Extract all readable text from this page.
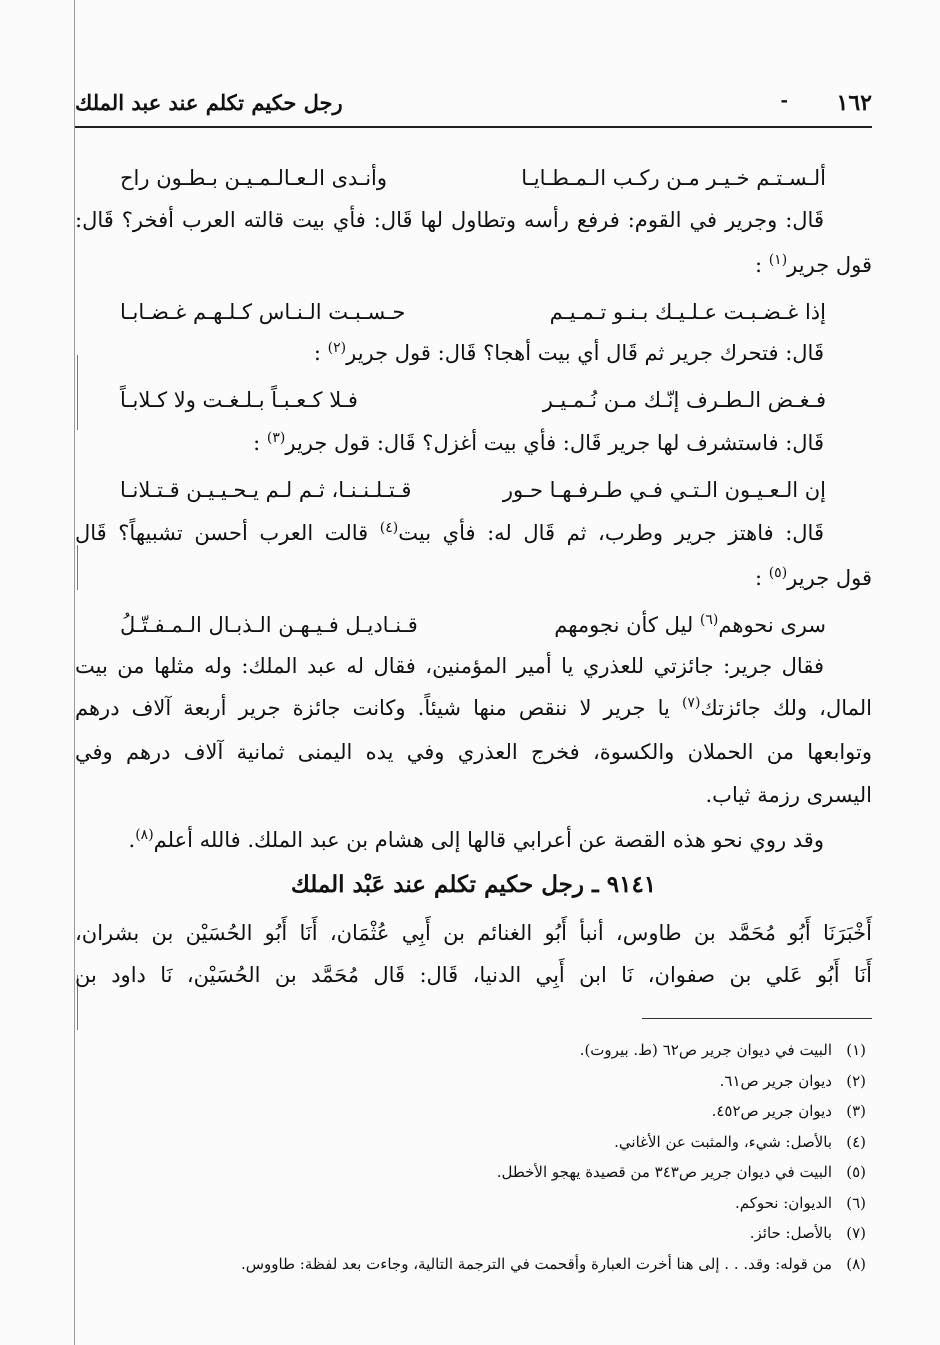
١٦٢
-
رجل حكيم تكلم عند عبد الملك
ألـسـتـم خـيـر مـن ركـب الـمـطـايـا
وأنـدى الـعـالـمـيـن بـطـون راح
قَال: وجرير في القوم: فرفع رأسه وتطاول لها قَال: فأي بيت قالته العرب أفخر؟ قَال:
قول جرير$^{(١)}$ :
إذا غـضـبـت عـلـيـك بـنـو تـمـيـم
حـسـبـت الـنـاس كـلـهـم غـضـابـا
قَال: فتحرك جرير ثم قَال أي بيت أهجا؟ قَال: قول جرير$^{(٢)}$ :
فـغـض الـطـرف إنّـك مـن نُـمـيـر
فـلا كـعـبـاً بـلـغـت ولا كـلابـاً
قَال: فاستشرف لها جرير قَال: فأي بيت أغزل؟ قَال: قول جرير$^{(٣)}$ :
إن الـعـيـون الـتـي فـي طـرفـهـا حـور
قـتـلـنـنـا، ثـم لـم يـحـيـيـن قـتـلانـا
قَال: فاهتز جرير وطرب، ثم قَال له: فأي بيت$^{(٤)}$ قالت العرب أحسن تشبيهاً؟ قَال
قول جرير$^{(٥)}$ :
سرى نحوهم$^{(٦)}$ ليل كأن نجومهم
قـنـاديـل فـيـهـن الـذبـال الـمـفـتّـلُ
فقال جرير: جائزتي للعذري يا أمير المؤمنين، فقال له عبد الملك: وله مثلها من بيت
المال، ولك جائزتك$^{(٧)}$ يا جرير لا ننقص منها شيئاً. وكانت جائزة جرير أربعة آلاف درهم
وتوابعها من الحملان والكسوة، فخرج العذري وفي يده اليمنى ثمانية آلاف درهم وفي
اليسرى رزمة ثياب.
وقد روي نحو هذه القصة عن أعرابي قالها إلى هشام بن عبد الملك. فالله أعلم$^{(٨)}$.
٩١٤١ ـ رجل حكيم تكلم عند عَبْد الملك
أَخْبَرَنَا أَبُو مُحَمَّد بن طاوس، أنبأ أَبُو الغنائم بن أَبِي عُثْمَان، أَنَا أَبُو الحُسَيْن بن بشران،
أَنَا أَبُو عَلي بن صفوان، نَا ابن أَبِي الدنيا، قَال: قَال مُحَمَّد بن الحُسَيْن، نَا داود بن
(١)البيت في ديوان جرير ص٦٢ (ط. بيروت).
(٢)ديوان جرير ص٦١.
(٣)ديوان جرير ص٤٥٢.
(٤)بالأصل: شيء، والمثبت عن الأغاني.
(٥)البيت في ديوان جرير ص٣٤٣ من قصيدة يهجو الأخطل.
(٦)الديوان: نحوكم.
(٧)بالأصل: حائز.
(٨)من قوله: وقد. . . إلى هنا أخرت العبارة وأقحمت في الترجمة التالية، وجاءت بعد لفظة: طاووس.
